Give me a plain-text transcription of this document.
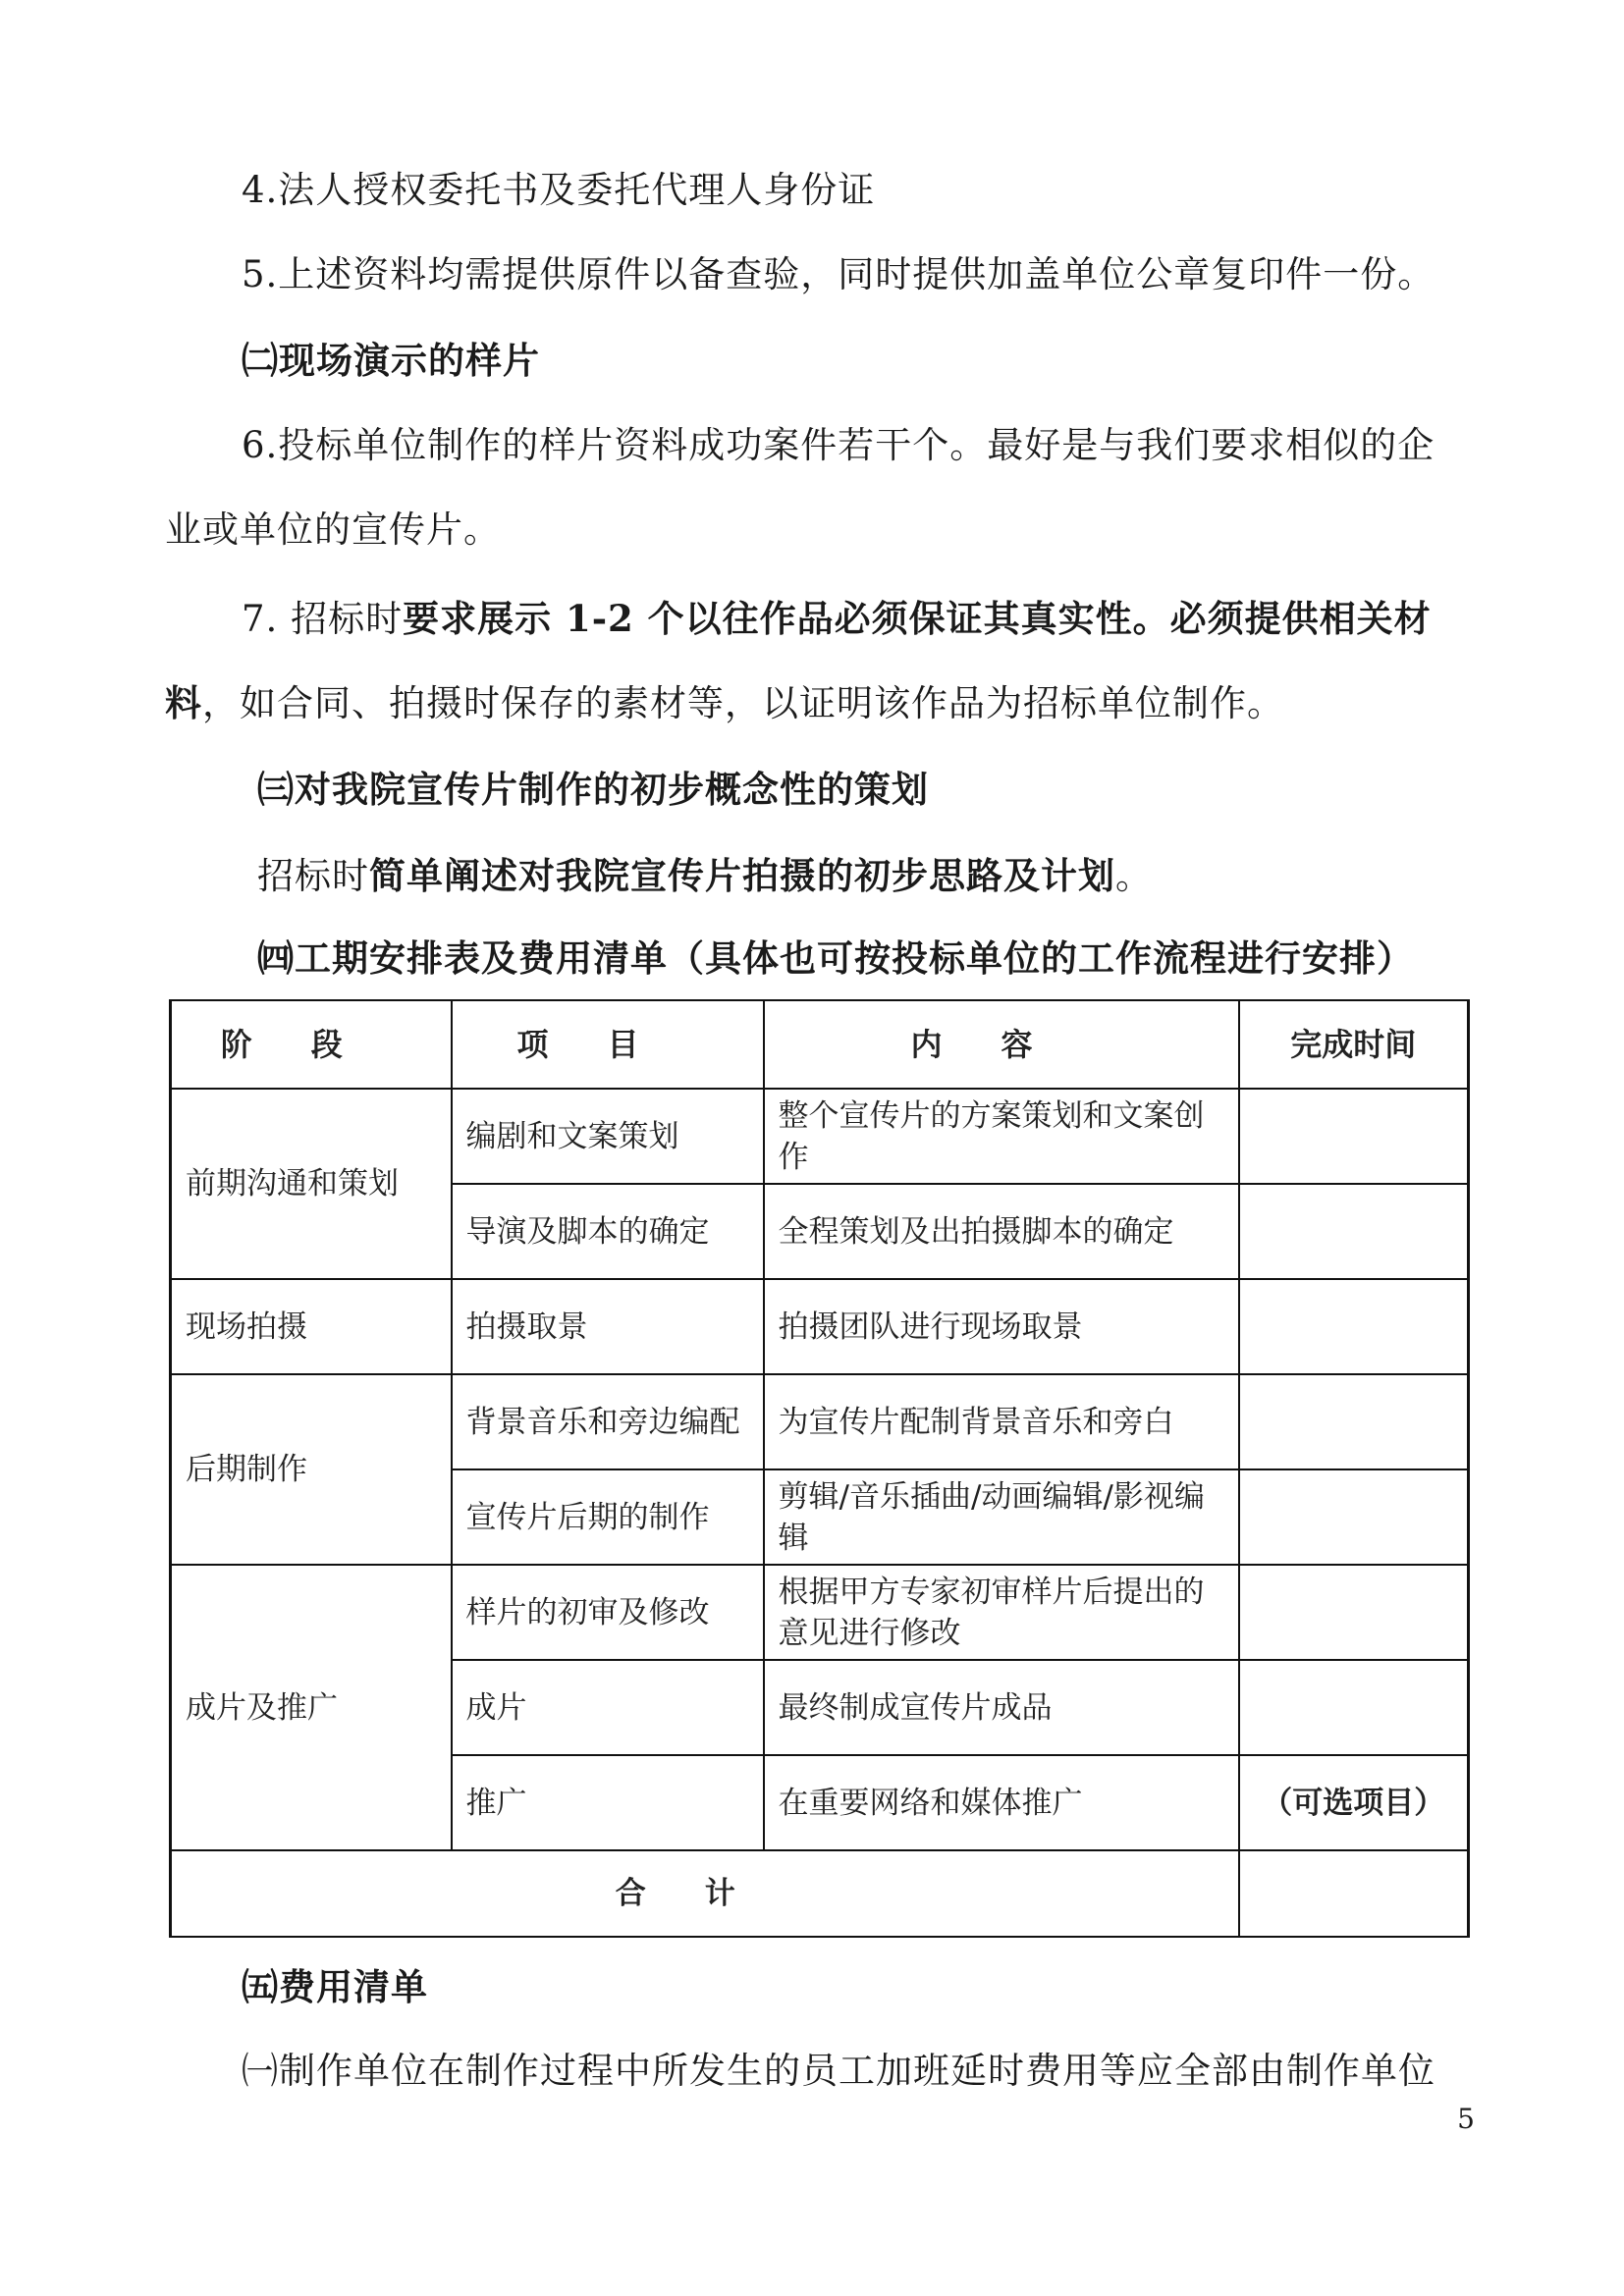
4.法人授权委托书及委托代理人身份证
5.上述资料均需提供原件以备查验，同时提供加盖单位公章复印件一份。
㈡现场演示的样片
6.投标单位制作的样片资料成功案件若干个。最好是与我们要求相似的企
业或单位的宣传片。
7. 招标时要求展示 1-2 个以往作品必须保证其真实性。必须提供相关材
料，如合同、拍摄时保存的素材等，以证明该作品为招标单位制作。
㈢对我院宣传片制作的初步概念性的策划
招标时简单阐述对我院宣传片拍摄的初步思路及计划。
㈣工期安排表及费用清单（具体也可按投标单位的工作流程进行安排）
阶段	项目	内容	完成时间
前期沟通和策划	编剧和文案策划	整个宣传片的方案策划和文案创作	
	导演及脚本的确定	全程策划及出拍摄脚本的确定	
现场拍摄	拍摄取景	拍摄团队进行现场取景	
后期制作	背景音乐和旁边编配	为宣传片配制背景音乐和旁白	
	宣传片后期的制作	剪辑/音乐插曲/动画编辑/影视编辑	
成片及推广	样片的初审及修改	根据甲方专家初审样片后提出的意见进行修改	
	成片	最终制成宣传片成品	
	推广	在重要网络和媒体推广	（可选项目）
合计			
㈤费用清单
㈠制作单位在制作过程中所发生的员工加班延时费用等应全部由制作单位
5
